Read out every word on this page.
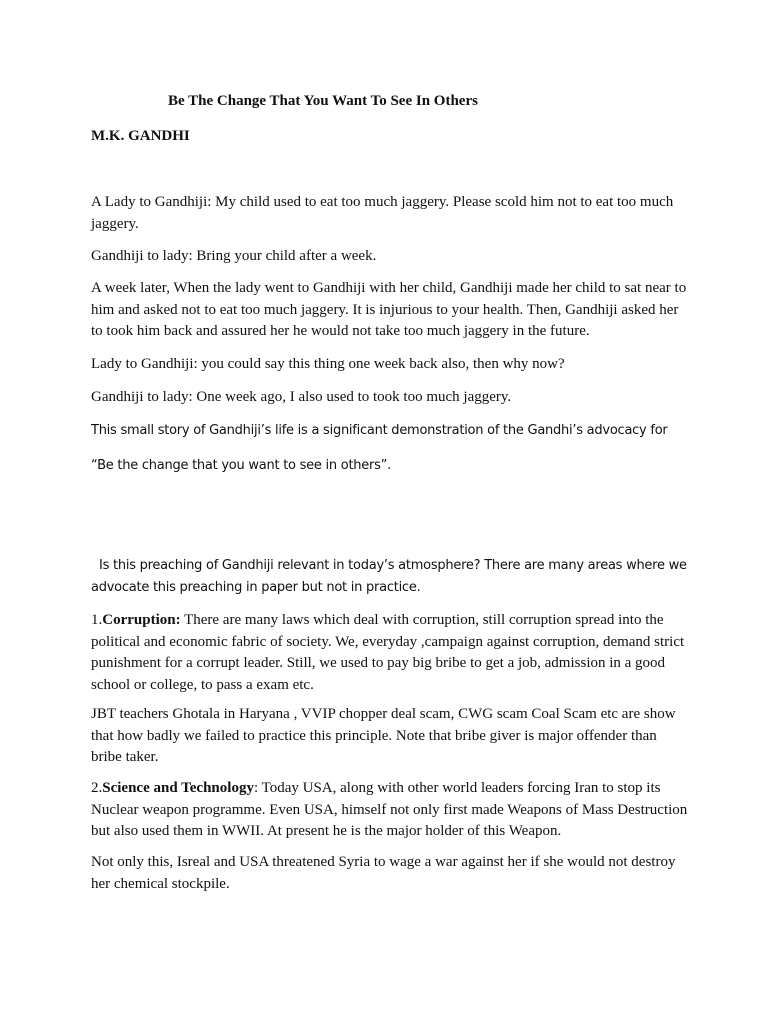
Be The Change That You Want To See In Others
M.K. GANDHI
A Lady to Gandhiji: My child used to eat too much jaggery. Please scold him not to eat too much jaggery.
Gandhiji to lady: Bring your child after a week.
A week later, When the lady went to Gandhiji with her child, Gandhiji made her child to sat near to him and asked not to eat too much jaggery. It is injurious to your health. Then, Gandhiji asked her to took him back and assured her he would not take too much jaggery in the future.
Lady to Gandhiji: you could say this thing one week back also, then why now?
Gandhiji to lady: One week ago, I also used to took too much jaggery.
This small story of Gandhiji’s life is a significant demonstration of the Gandhi’s advocacy for
“Be the change that you want to see in others”.
Is this preaching of Gandhiji relevant in today’s atmosphere? There are many areas where we advocate this preaching in paper but not in practice.
1.Corruption: There are many laws which deal with corruption, still corruption spread into the political and economic fabric of society. We, everyday ,campaign against corruption, demand strict punishment for a corrupt leader. Still, we used to pay big bribe to get a job, admission in a good school or college, to pass a exam etc.
JBT teachers Ghotala in Haryana , VVIP chopper deal scam, CWG scam Coal Scam etc are show that how badly we failed to practice this principle. Note that bribe giver is major offender than bribe taker.
2.Science and Technology: Today USA, along with other world leaders forcing Iran to stop its Nuclear weapon programme. Even USA, himself not only first made Weapons of Mass Destruction but also used them in WWII. At present he is the major holder of this Weapon.
Not only this, Isreal and USA threatened Syria to wage a war against her if she would not destroy her chemical stockpile.
